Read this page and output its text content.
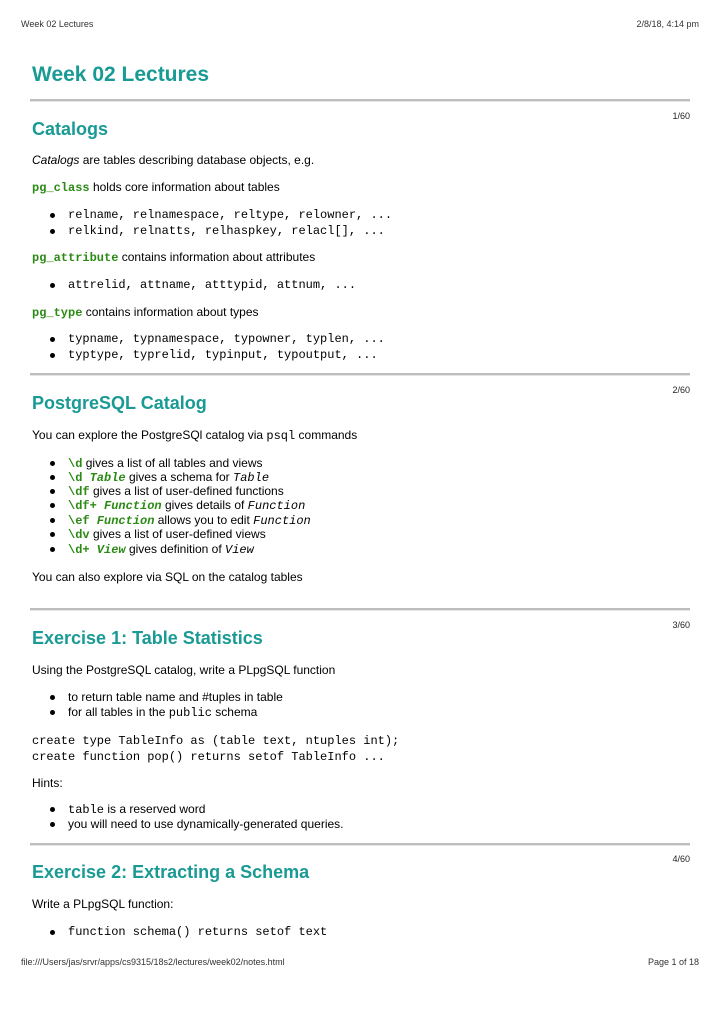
Week 02 Lectures	2/8/18, 4:14 pm
Week 02 Lectures
Catalogs
1/60
Catalogs are tables describing database objects, e.g.
pg_class holds core information about tables
relname, relnamespace, reltype, relowner, ...
relkind, relnatts, relhaspkey, relacl[], ...
pg_attribute contains information about attributes
attrelid, attname, atttypid, attnum, ...
pg_type contains information about types
typname, typnamespace, typowner, typlen, ...
typtype, typrelid, typinput, typoutput, ...
PostgreSQL Catalog
2/60
You can explore the PostgreSQl catalog via psql commands
\d gives a list of all tables and views
\d Table gives a schema for Table
\df gives a list of user-defined functions
\df+ Function gives details of Function
\ef Function allows you to edit Function
\dv gives a list of user-defined views
\d+ View gives definition of View
You can also explore via SQL on the catalog tables
Exercise 1: Table Statistics
3/60
Using the PostgreSQL catalog, write a PLpgSQL function
to return table name and #tuples in table
for all tables in the public schema
create type TableInfo as (table text, ntuples int);
create function pop() returns setof TableInfo ...
Hints:
table is a reserved word
you will need to use dynamically-generated queries.
Exercise 2: Extracting a Schema
4/60
Write a PLpgSQL function:
function schema() returns setof text
file:///Users/jas/srvr/apps/cs9315/18s2/lectures/week02/notes.html	Page 1 of 18
